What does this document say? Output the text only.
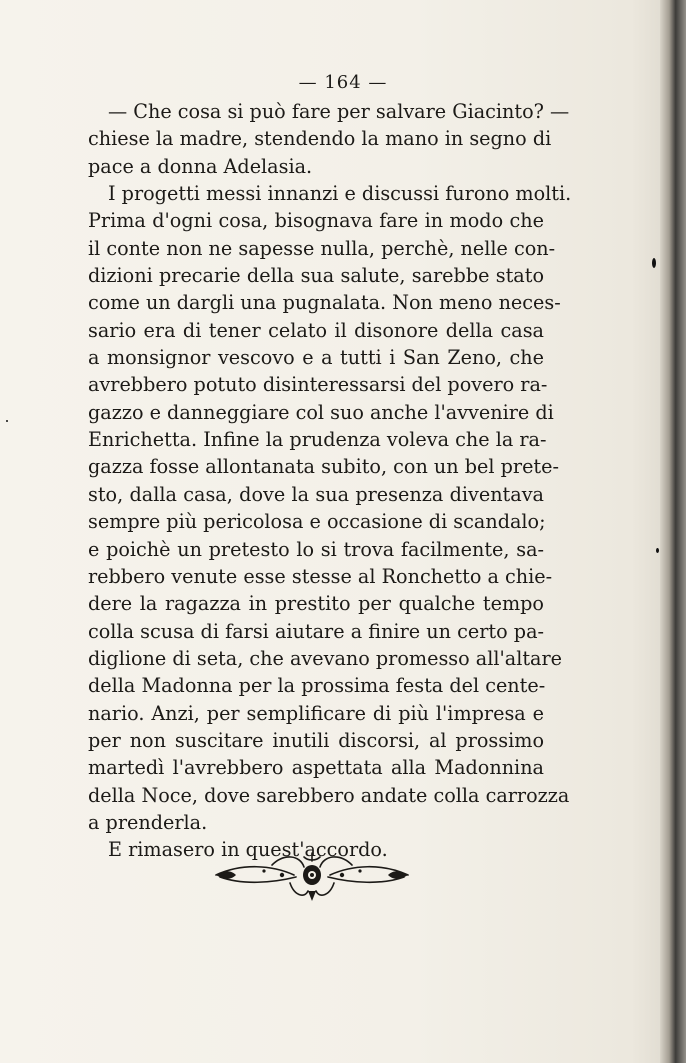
— 164 —
— Che cosa si può fare per salvare Giacinto? —
chiese la madre, stendendo la mano in segno di
pace a donna Adelasia.
I progetti messi innanzi e discussi furono molti.
Prima d'ogni cosa, bisognava fare in modo che
il conte non ne sapesse nulla, perchè, nelle con-
dizioni precarie della sua salute, sarebbe stato
come un dargli una pugnalata. Non meno neces-
sario era di tener celato il disonore della casa
a monsignor vescovo e a tutti i San Zeno, che
avrebbero potuto disinteressarsi del povero ra-
gazzo e danneggiare col suo anche l'avvenire di
Enrichetta. Infine la prudenza voleva che la ra-
gazza fosse allontanata subito, con un bel prete-
sto, dalla casa, dove la sua presenza diventava
sempre più pericolosa e occasione di scandalo;
e poichè un pretesto lo si trova facilmente, sa-
rebbero venute esse stesse al Ronchetto a chie-
dere la ragazza in prestito per qualche tempo
colla scusa di farsi aiutare a finire un certo pa-
diglione di seta, che avevano promesso all'altare
della Madonna per la prossima festa del cente-
nario. Anzi, per semplificare di più l'impresa e
per non suscitare inutili discorsi, al prossimo
martedì l'avrebbero aspettata alla Madonnina
della Noce, dove sarebbero andate colla carrozza
a prenderla.
E rimasero in quest'accordo.
